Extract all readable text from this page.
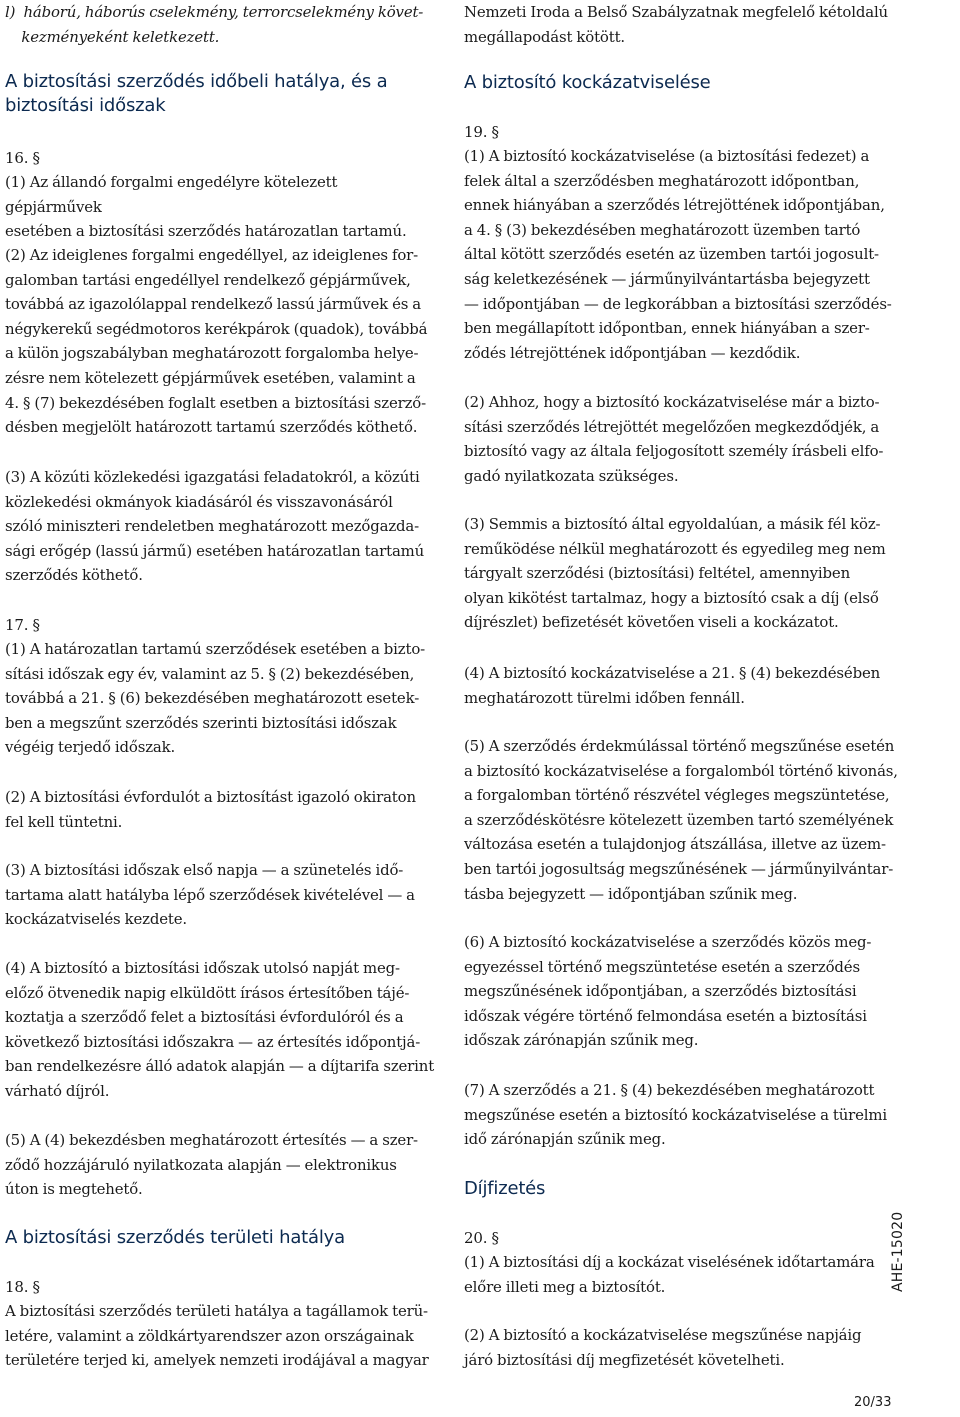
l)  háború, háborús cselekmény, terrorcselekmény követ-
kezményeként keletkezett.

A biztosítási szerződés időbeli hatálya, és a
biztosítási időszak

16. §

(1) Az állandó forgalmi engedélyre kötelezett gépjárművek
esetében a biztosítási szerződés határozatlan tartamú.

(2) Az ideiglenes forgalmi engedéllyel, az ideiglenes for-
galomban tartási engedéllyel rendelkező gépjárművek,
továbbá az igazolólappal rendelkező lassú járművek és a
négykerekű segédmotoros kerékpárok (quadok), továbbá
a külön jogszabályban meghatározott forgalomba helye-
zésre nem kötelezett gépjárművek esetében, valamint a
4. § (7) bekezdésében foglalt esetben a biztosítási szerző-
désben megjelölt határozott tartamú szerződés köthető.

(3) A közúti közlekedési igazgatási feladatokról, a közúti
közlekedési okmányok kiadásáról és visszavonásáról
szóló miniszteri rendeletben meghatározott mezőgazda-
sági erőgép (lassú jármű) esetében határozatlan tartamú
szerződés köthető.

17. §

(1) A határozatlan tartamú szerződések esetében a bizto-
sítási időszak egy év, valamint az 5. § (2) bekezdésében,
továbbá a 21. § (6) bekezdésében meghatározott esetek-
ben a megszűnt szerződés szerinti biztosítási időszak
végéig terjedő időszak.

(2) A biztosítási évfordulót a biztosítást igazoló okiraton
fel kell tüntetni.

(3) A biztosítási időszak első napja — a szünetelés idő-
tartama alatt hatályba lépő szerződések kivételével — a
kockázatviselés kezdete.

(4) A biztosító a biztosítási időszak utolsó napját meg-
előző ötvenedik napig elküldött írásos értesítőben tájé-
koztatja a szerződő felet a biztosítási évfordulóról és a
következő biztosítási időszakra — az értesítés időpontjá-
ban rendelkezésre álló adatok alapján — a díjtarifa szerint
várható díjról.

(5) A (4) bekezdésben meghatározott értesítés — a szer-
ződő hozzájáruló nyilatkozata alapján — elektronikus
úton is megtehető.

A biztosítási szerződés területi hatálya

18. §

A biztosítási szerződés területi hatálya a tagállamok terü-
letére, valamint a zöldkártyarendszer azon országainak
területére terjed ki, amelyek nemzeti irodájával a magyar

Nemzeti Iroda a Belső Szabályzatnak megfelelő kétoldalú
megállapodást kötött.

A biztosító kockázatviselése

19. §

(1) A biztosító kockázatviselése (a biztosítási fedezet) a
felek által a szerződésben meghatározott időpontban,
ennek hiányában a szerződés létrejöttének időpontjában,
a 4. § (3) bekezdésében meghatározott üzemben tartó
által kötött szerződés esetén az üzemben tartói jogosult-
ság keletkezésének — járműnyilvántartásba bejegyzett
— időpontjában — de legkorábban a biztosítási szerződés-
ben megállapított időpontban, ennek hiányában a szer-
ződés létrejöttének időpontjában — kezdődik.

(2) Ahhoz, hogy a biztosító kockázatviselése már a bizto-
sítási szerződés létrejöttét megelőzően megkezdődjék, a
biztosító vagy az általa feljogosított személy írásbeli elfo-
gadó nyilatkozata szükséges.

(3) Semmis a biztosító által egyoldalúan, a másik fél köz-
reműködése nélkül meghatározott és egyedileg meg nem
tárgyalt szerződési (biztosítási) feltétel, amennyiben
olyan kikötést tartalmaz, hogy a biztosító csak a díj (első
díjrészlet) befizetését követően viseli a kockázatot.

(4) A biztosító kockázatviselése a 21. § (4) bekezdésében
meghatározott türelmi időben fennáll.

(5) A szerződés érdekmúlással történő megszűnése esetén
a biztosító kockázatviselése a forgalomból történő kivonás,
a forgalomban történő részvétel végleges megszüntetése,
a szerződéskötésre kötelezett üzemben tartó személyének
változása esetén a tulajdonjog átszállása, illetve az üzem-
ben tartói jogosultság megszűnésének — járműnyilvántar-
tásba bejegyzett — időpontjában szűnik meg.

(6) A biztosító kockázatviselése a szerződés közös meg-
egyezéssel történő megszüntetése esetén a szerződés
megszűnésének időpontjában, a szerződés biztosítási
időszak végére történő felmondása esetén a biztosítási
időszak zárónapján szűnik meg.

(7) A szerződés a 21. § (4) bekezdésében meghatározott
megszűnése esetén a biztosító kockázatviselése a türelmi
idő zárónapján szűnik meg.

Díjfizetés

20. §

(1) A biztosítási díj a kockázat viselésének időtartamára
előre illeti meg a biztosítót.

(2) A biztosító a kockázatviselése megszűnése napjáig
járó biztosítási díj megfizetését követelheti.

AHE-15020

20/33
